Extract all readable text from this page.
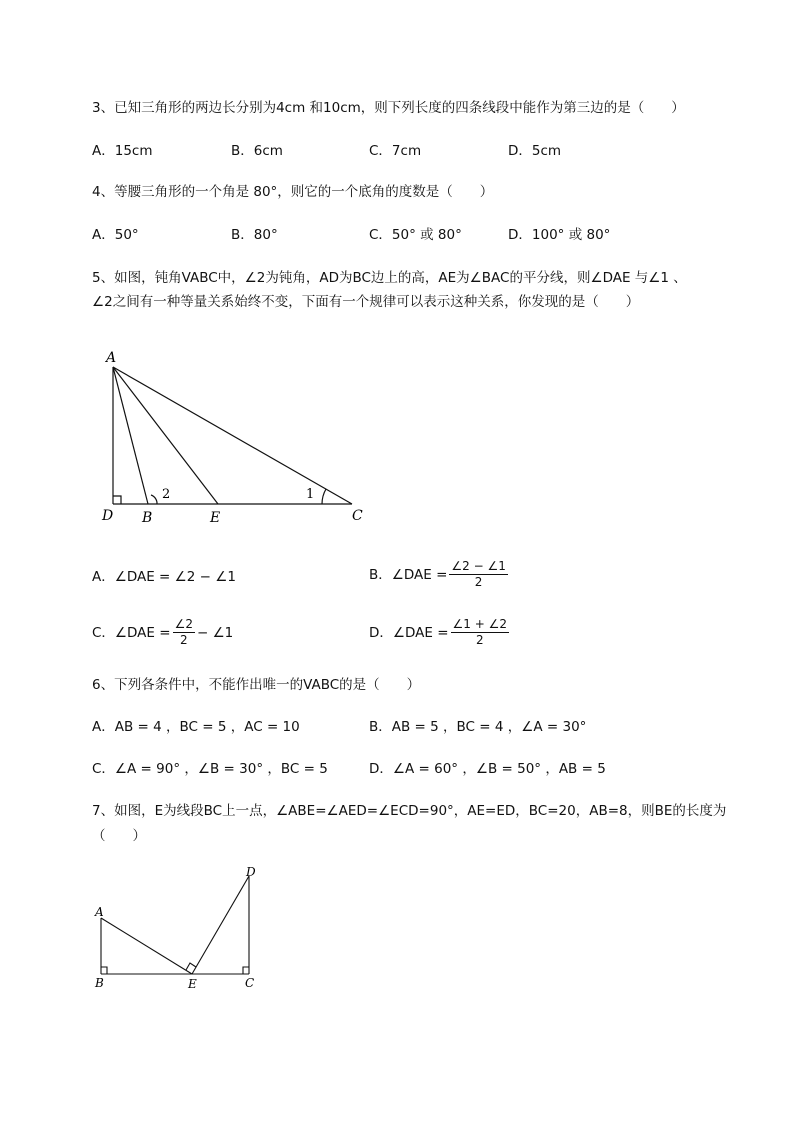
3、已知三角形的两边长分别为4cm 和10cm，则下列长度的四条线段中能作为第三边的是（　　）
A．15cm	B．6cm	C．7cm	D．5cm
4、等腰三角形的一个角是 80°，则它的一个底角的度数是（　　）
A．50°	B．80°	C．50° 或 80°	D．100° 或 80°
5、如图，钝角VABC中，∠2为钝角，AD为BC边上的高，AE为∠BAC的平分线，则∠DAE 与∠1 、
∠2之间有一种等量关系始终不变，下面有一个规律可以表示这种关系，你发现的是（　　）
A
D B	E	C
1
2
A．∠DAE = ∠2 − ∠1	B．∠DAE = $\frac{\angle 2 - \angle 1}{2}$
C．∠DAE = $\frac{\angle 2}{2}$ − ∠1	D．∠DAE = $\frac{\angle 1 + \angle 2}{2}$
6、下列各条件中，不能作出唯一的VABC的是（　　）
A．AB = 4 ，BC = 5 ，AC = 10	B．AB = 5 ，BC = 4 ，∠A = 30°
C．∠A = 90° ，∠B = 30° ，BC = 5	D．∠A = 60° ，∠B = 50° ，AB = 5
7、如图，E为线段BC上一点，∠ABE=∠AED=∠ECD=90°，AE=ED，BC=20，AB=8，则BE的长度为
（　　）
A
B	E	C
D
